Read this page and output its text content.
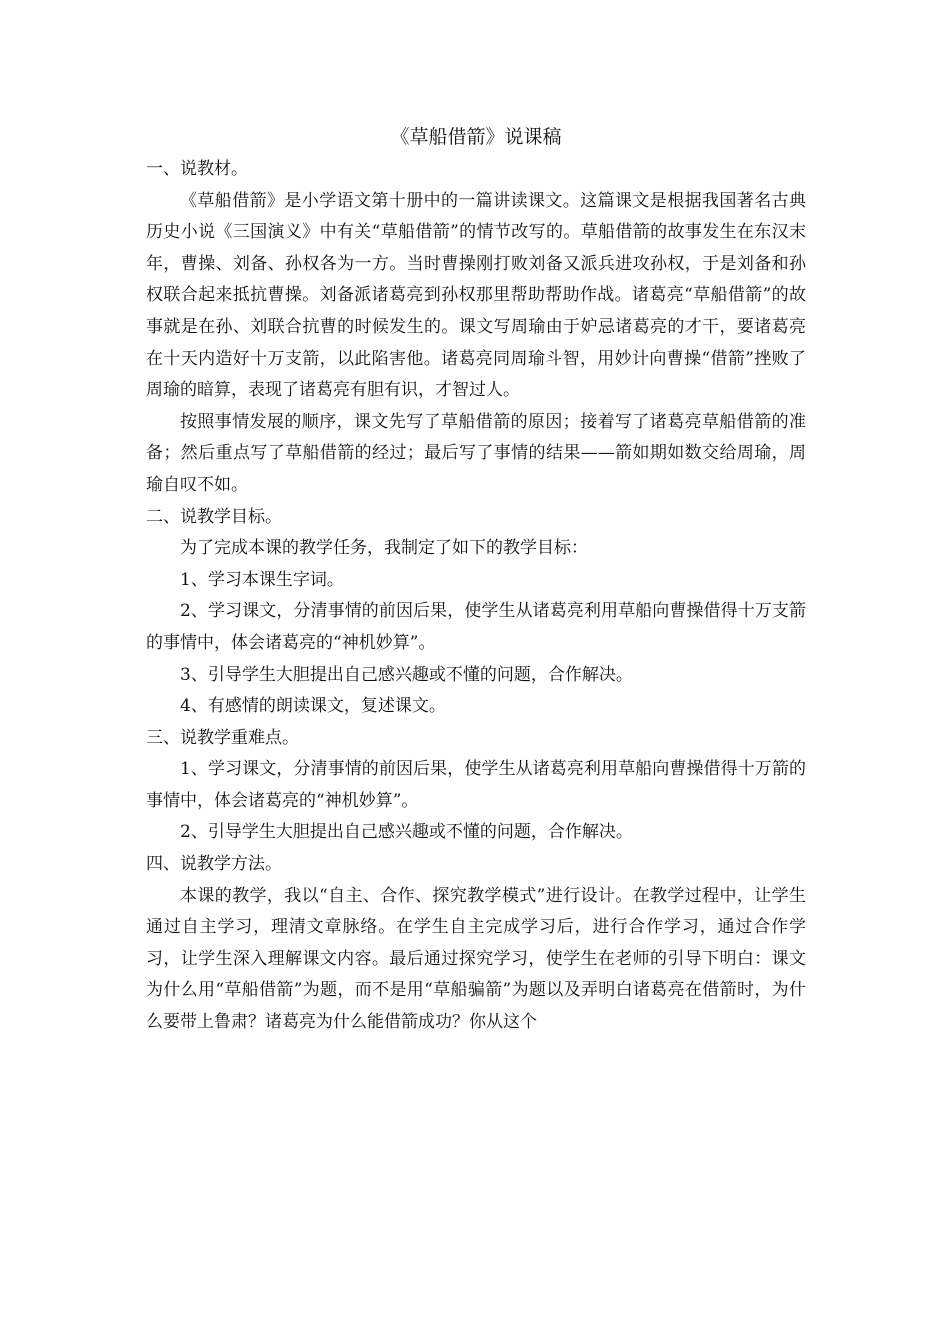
《草船借箭》说课稿

一、说教材。

《草船借箭》是小学语文第十册中的一篇讲读课文。这篇课文是根据我国著名古典历史小说《三国演义》中有关“草船借箭”的情节改写的。草船借箭的故事发生在东汉末年，曹操、刘备、孙权各为一方。当时曹操刚打败刘备又派兵进攻孙权，于是刘备和孙权联合起来抵抗曹操。刘备派诸葛亮到孙权那里帮助帮助作战。诸葛亮“草船借箭”的故事就是在孙、刘联合抗曹的时候发生的。课文写周瑜由于妒忌诸葛亮的才干，要诸葛亮在十天内造好十万支箭，以此陷害他。诸葛亮同周瑜斗智，用妙计向曹操“借箭”挫败了周瑜的暗算，表现了诸葛亮有胆有识，才智过人。

按照事情发展的顺序，课文先写了草船借箭的原因；接着写了诸葛亮草船借箭的准备；然后重点写了草船借箭的经过；最后写了事情的结果——箭如期如数交给周瑜，周瑜自叹不如。

二、说教学目标。

为了完成本课的教学任务，我制定了如下的教学目标：

1、学习本课生字词。

2、学习课文，分清事情的前因后果，使学生从诸葛亮利用草船向曹操借得十万支箭的事情中，体会诸葛亮的“神机妙算”。

3、引导学生大胆提出自己感兴趣或不懂的问题，合作解决。

4、有感情的朗读课文，复述课文。

三、说教学重难点。

1、学习课文，分清事情的前因后果，使学生从诸葛亮利用草船向曹操借得十万箭的事情中，体会诸葛亮的“神机妙算”。

2、引导学生大胆提出自己感兴趣或不懂的问题，合作解决。

四、说教学方法。

本课的教学，我以“自主、合作、探究教学模式”进行设计。在教学过程中，让学生通过自主学习，理清文章脉络。在学生自主完成学习后，进行合作学习，通过合作学习，让学生深入理解课文内容。最后通过探究学习，使学生在老师的引导下明白：课文为什么用“草船借箭”为题，而不是用“草船骗箭”为题以及弄明白诸葛亮在借箭时，为什么要带上鲁肃？诸葛亮为什么能借箭成功？你从这个
